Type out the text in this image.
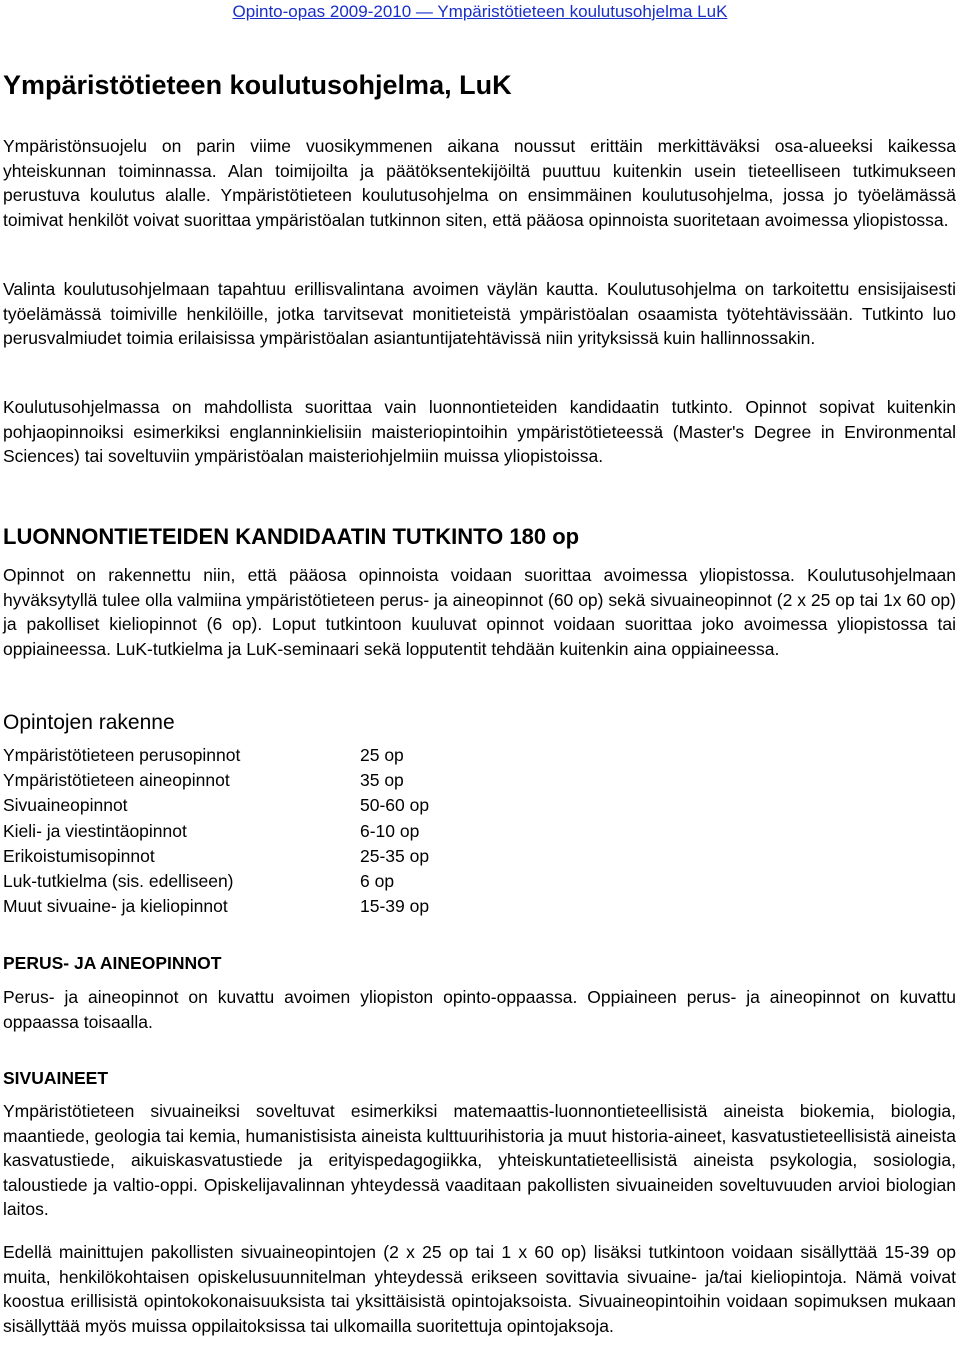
Opinto-opas 2009-2010 — Ympäristötieteen koulutusohjelma LuK
Ympäristötieteen koulutusohjelma, LuK

Ympäristönsuojelu on parin viime vuosikymmenen aikana noussut erittäin merkittäväksi osa-alueeksi kaikessa yhteiskunnan toiminnassa. Alan toimijoilta ja päätöksentekijöiltä puuttuu kuitenkin usein tieteelliseen tutkimukseen perustuva koulutus alalle. Ympäristötieteen koulutusohjelma on ensimmäinen koulutusohjelma, jossa jo työelämässä toimivat henkilöt voivat suorittaa ympäristöalan tutkinnon siten, että pääosa opinnoista suoritetaan avoimessa yliopistossa.

Valinta koulutusohjelmaan tapahtuu erillisvalintana avoimen väylän kautta. Koulutusohjelma on tarkoitettu ensisijaisesti työelämässä toimiville henkilöille, jotka tarvitsevat monitieteistä ympäristöalan osaamista työtehtävissään. Tutkinto luo perusvalmiudet toimia erilaisissa ympäristöalan asiantuntijatehtävissä niin yrityksissä kuin hallinnossakin.

Koulutusohjelmassa on mahdollista suorittaa vain luonnontieteiden kandidaatin tutkinto. Opinnot sopivat kuitenkin pohjaopinnoiksi esimerkiksi englanninkielisiin maisteriopintoihin ympäristötieteessä (Master's Degree in Environmental Sciences) tai soveltuviin ympäristöalan maisteriohjelmiin muissa yliopistoissa.

LUONNONTIETEIDEN KANDIDAATIN TUTKINTO 180 op

Opinnot on rakennettu niin, että pääosa opinnoista voidaan suorittaa avoimessa yliopistossa. Koulutusohjelmaan hyväksytyllä tulee olla valmiina ympäristötieteen perus- ja aineopinnot (60 op) sekä sivuaineopinnot (2 x 25 op tai 1x 60 op) ja pakolliset kieliopinnot (6 op). Loput tutkintoon kuuluvat opinnot voidaan suorittaa joko avoimessa yliopistossa tai oppiaineessa. LuK-tutkielma ja LuK-seminaari sekä lopputentit tehdään kuitenkin aina oppiaineessa.

Opintojen rakenne
Ympäristötieteen perusopinnot	25 op
Ympäristötieteen aineopinnot	35 op
Sivuaineopinnot	50-60 op
Kieli- ja viestintäopinnot	6-10 op
Erikoistumisopinnot	25-35 op
Luk-tutkielma (sis. edelliseen)	6 op
Muut sivuaine- ja kieliopinnot	15-39 op
PERUS- JA AINEOPINNOT

Perus- ja aineopinnot on kuvattu avoimen yliopiston opinto-oppaassa. Oppiaineen perus- ja aineopinnot on kuvattu oppaassa toisaalla.

SIVUAINEET

Ympäristötieteen sivuaineiksi soveltuvat esimerkiksi matemaattis-luonnontieteellisistä aineista biokemia, biologia, maantiede, geologia tai kemia, humanistisista aineista kulttuurihistoria ja muut historia-aineet, kasvatustieteellisistä aineista kasvatustiede, aikuiskasvatustiede ja erityispedagogiikka, yhteiskuntatieteellisistä aineista psykologia, sosiologia, taloustiede ja valtio-oppi. Opiskelijavalinnan yhteydessä vaaditaan pakollisten sivuaineiden soveltuvuuden arvioi biologian laitos.

Edellä mainittujen pakollisten sivuaineopintojen (2 x 25 op tai 1 x 60 op) lisäksi tutkintoon voidaan sisällyttää 15-39 op muita, henkilökohtaisen opiskelusuunnitelman yhteydessä erikseen sovittavia sivuaine- ja/tai kieliopintoja. Nämä voivat koostua erillisistä opintokokonaisuuksista tai yksittäisistä opintojaksoista. Sivuaineopintoihin voidaan sopimuksen mukaan sisällyttää myös muissa oppilaitoksissa tai ulkomailla suoritettuja opintojaksoja.
